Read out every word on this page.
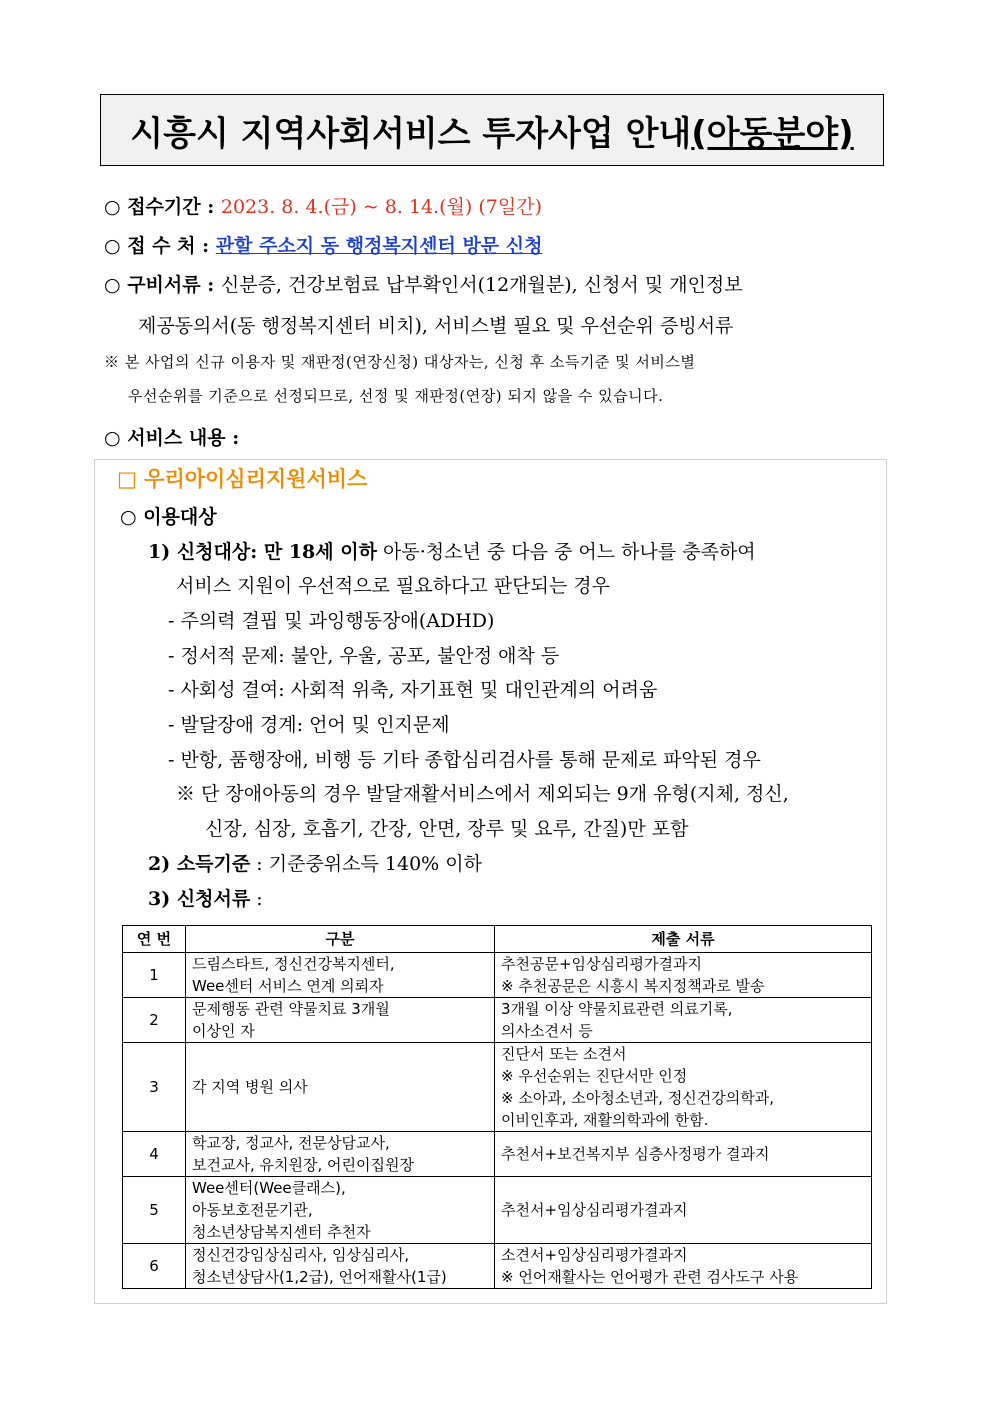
시흥시 지역사회서비스 투자사업 안내 (아동분야)
○ 접수기간 : 2023. 8. 4.(금) ~ 8. 14.(월) (7일간)
○ 접 수 처 : 관할 주소지 동 행정복지센터 방문 신청
○ 구비서류 : 신분증, 건강보험료 납부확인서(12개월분), 신청서 및 개인정보
제공동의서(동 행정복지센터 비치), 서비스별 필요 및 우선순위 증빙서류
※ 본 사업의 신규 이용자 및 재판정(연장신청) 대상자는, 신청 후 소득기준 및 서비스별
우선순위를 기준으로 선정되므로, 선정 및 재판정(연장) 되지 않을 수 있습니다.
○ 서비스 내용 :
□ 우리아이심리지원서비스
○ 이용대상
1) 신청대상: 만 18세 이하 아동·청소년 중 다음 중 어느 하나를 충족하여
서비스 지원이 우선적으로 필요하다고 판단되는 경우
- 주의력 결핍 및 과잉행동장애(ADHD)
- 정서적 문제: 불안, 우울, 공포, 불안정 애착 등
- 사회성 결여: 사회적 위축, 자기표현 및 대인관계의 어려움
- 발달장애 경계: 언어 및 인지문제
- 반항, 품행장애, 비행 등 기타 종합심리검사를 통해 문제로 파악된 경우
※ 단 장애아동의 경우 발달재활서비스에서 제외되는 9개 유형(지체, 정신,
신장, 심장, 호흡기, 간장, 안면, 장루 및 요루, 간질)만 포함
2) 소득기준 : 기준중위소득 140% 이하
3) 신청서류 :
연 번	구분	제출 서류
1	드림스타트, 정신건강복지센터,
Wee센터 서비스 연계 의뢰자	추천공문+임상심리평가결과지
※ 추천공문은 시흥시 복지정책과로 발송

2	문제행동 관련 약물치료 3개월
이상인 자	3개월 이상 약물치료관련 의료기록,
의사소견서 등

3	각 지역 병원 의사	진단서 또는 소견서
※ 우선순위는 진단서만 인정
※ 소아과, 소아청소년과, 정신건강의학과,
이비인후과, 재활의학과에 한함.

4	학교장, 정교사, 전문상담교사,
보건교사, 유치원장, 어린이집원장	추천서+보건복지부 심층사정평가 결과지

5	Wee센터(Wee클래스),
아동보호전문기관,
청소년상담복지센터 추천자	추천서+임상심리평가결과지

6	정신건강임상심리사, 임상심리사,
청소년상담사(1,2급), 언어재활사(1급)	소견서+임상심리평가결과지
※ 언어재활사는 언어평가 관련 검사도구 사용
